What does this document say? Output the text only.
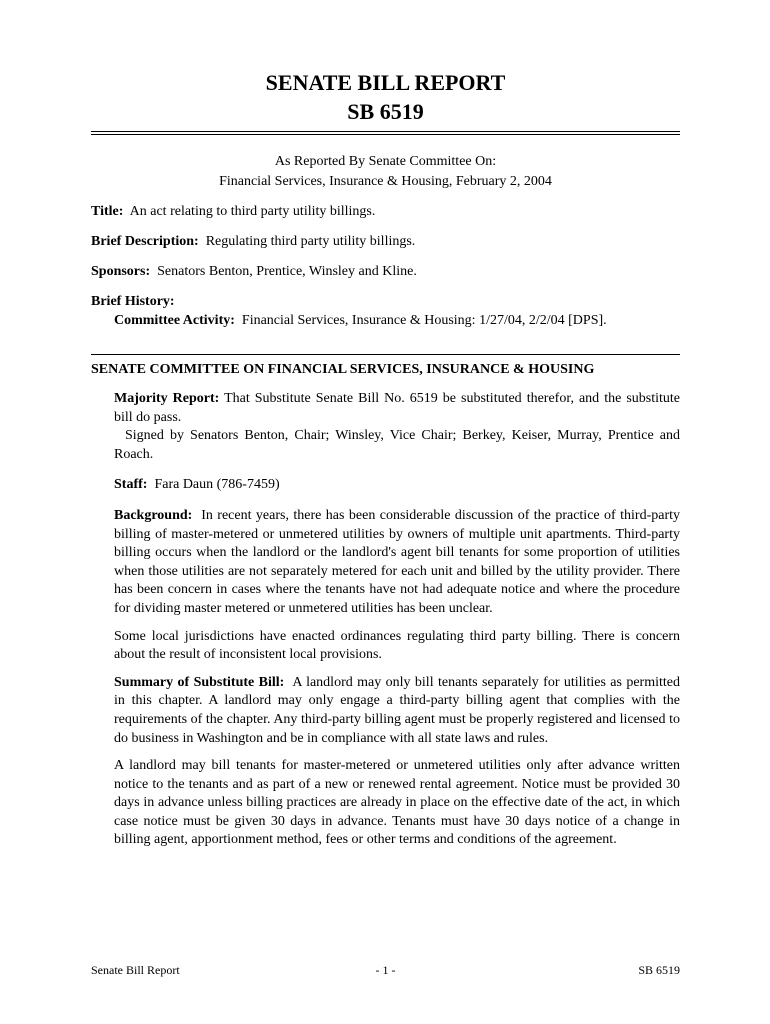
SENATE BILL REPORT
SB 6519
As Reported By Senate Committee On:
Financial Services, Insurance & Housing, February 2, 2004
Title: An act relating to third party utility billings.
Brief Description: Regulating third party utility billings.
Sponsors: Senators Benton, Prentice, Winsley and Kline.
Brief History:
Committee Activity: Financial Services, Insurance & Housing: 1/27/04, 2/2/04 [DPS].
SENATE COMMITTEE ON FINANCIAL SERVICES, INSURANCE & HOUSING

Majority Report: That Substitute Senate Bill No. 6519 be substituted therefor, and the substitute bill do pass.

Signed by Senators Benton, Chair; Winsley, Vice Chair; Berkey, Keiser, Murray, Prentice and Roach.

Staff: Fara Daun (786-7459)

Background: In recent years, there has been considerable discussion of the practice of third-party billing of master-metered or unmetered utilities by owners of multiple unit apartments. Third-party billing occurs when the landlord or the landlord's agent bill tenants for some proportion of utilities when those utilities are not separately metered for each unit and billed by the utility provider. There has been concern in cases where the tenants have not had adequate notice and where the procedure for dividing master metered or unmetered utilities has been unclear.

Some local jurisdictions have enacted ordinances regulating third party billing. There is concern about the result of inconsistent local provisions.

Summary of Substitute Bill: A landlord may only bill tenants separately for utilities as permitted in this chapter. A landlord may only engage a third-party billing agent that complies with the requirements of the chapter. Any third-party billing agent must be properly registered and licensed to do business in Washington and be in compliance with all state laws and rules.

A landlord may bill tenants for master-metered or unmetered utilities only after advance written notice to the tenants and as part of a new or renewed rental agreement. Notice must be provided 30 days in advance unless billing practices are already in place on the effective date of the act, in which case notice must be given 30 days in advance. Tenants must have 30 days notice of a change in billing agent, apportionment method, fees or other terms and conditions of the agreement.

Senate Bill Report	- 1 -	SB 6519
